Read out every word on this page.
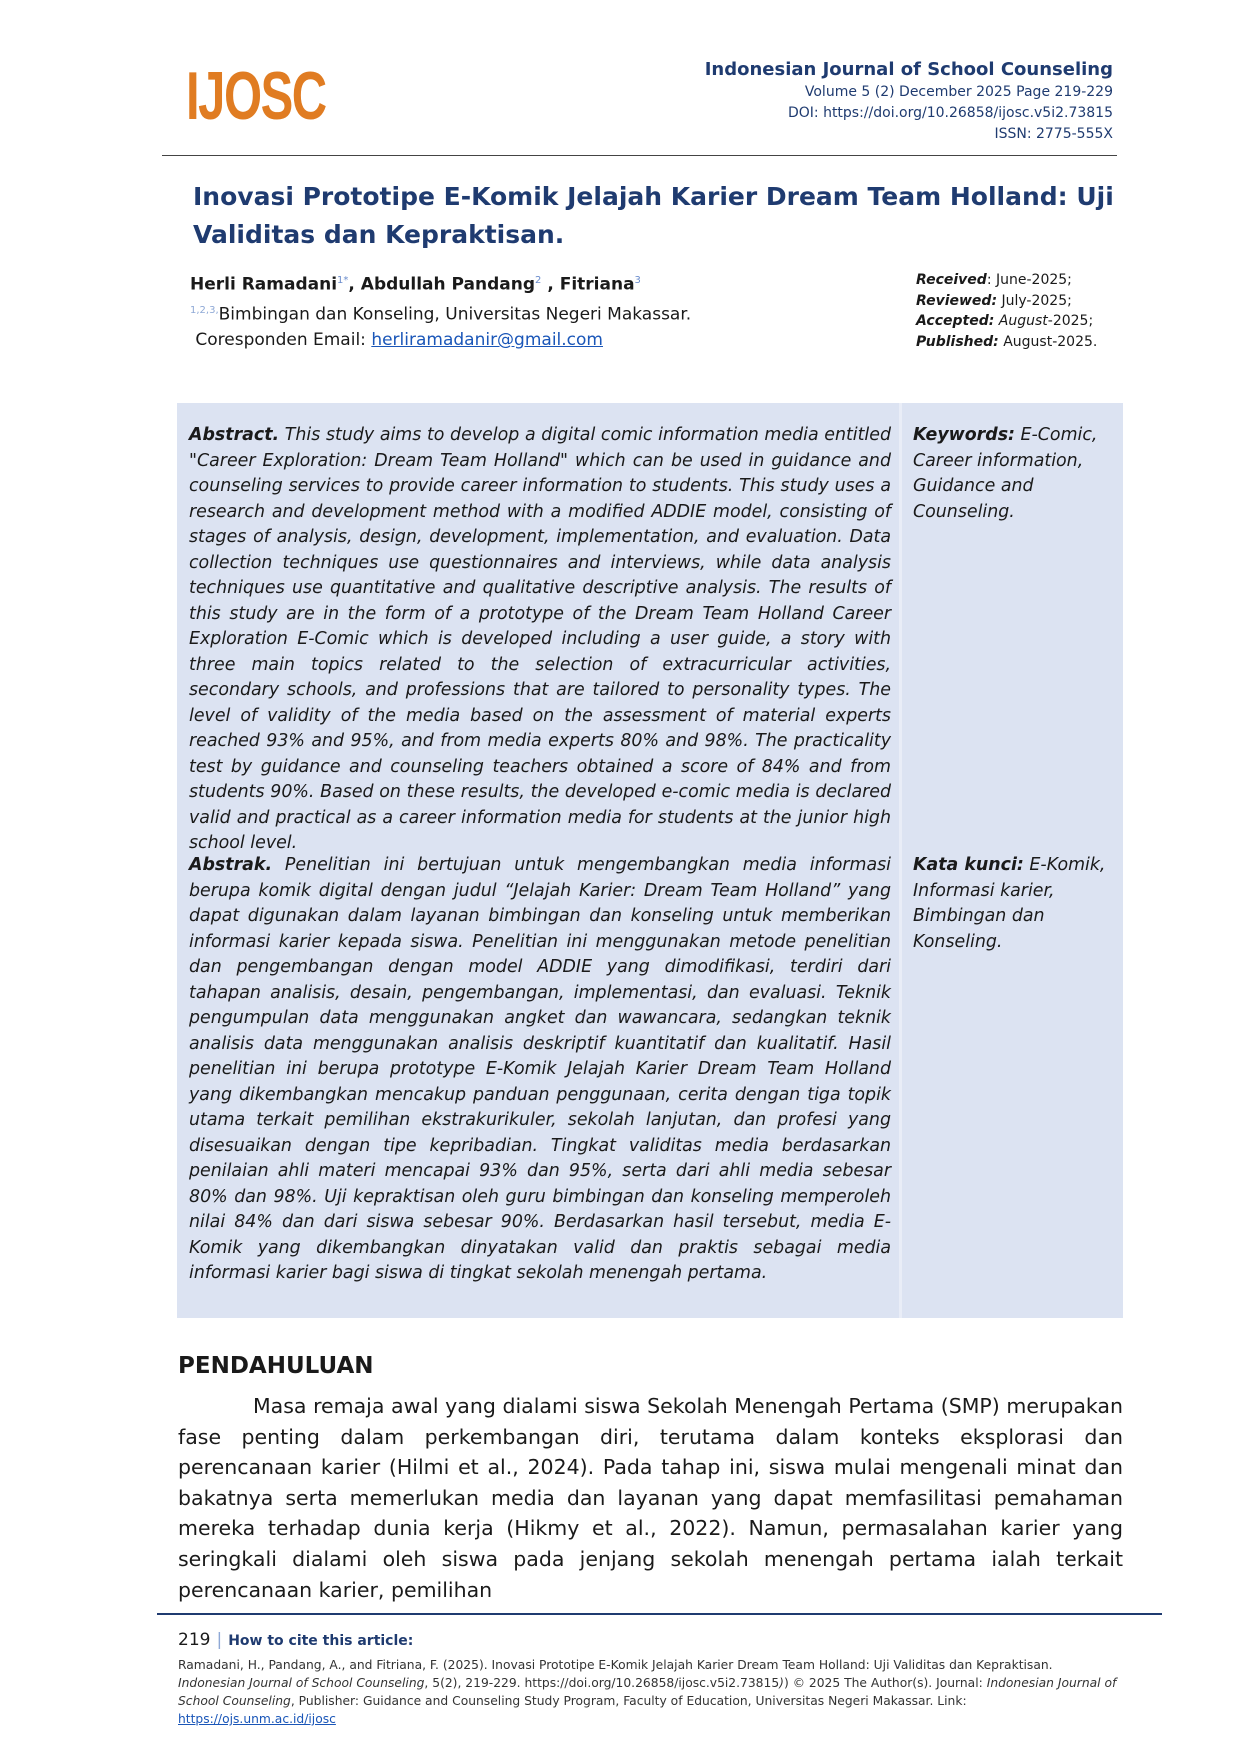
IJOSC	Indonesian Journal of School Counseling
Volume 5 (2) December 2025 Page 219-229
DOI: https://doi.org/10.26858/ijosc.v5i2.73815
ISSN: 2775-555X
Inovasi Prototipe E-Komik Jelajah Karier Dream Team Holland: Uji Validitas dan Kepraktisan.
Herli Ramadani$^{1*}$, Abdullah Pandang$^2$ , Fitriana$^3$
$^{1,2,3,}$Bimbingan dan Konseling, Universitas Negeri Makassar.
Coresponden Email: herliramadanir@gmail.com
Received: June-2025;
Reviewed: July-2025;
Accepted: August-2025;
Published: August-2025.

Abstract. This study aims to develop a digital comic information media entitled "Career Exploration: Dream Team Holland" which can be used in guidance and counseling services to provide career information to students. This study uses a research and development method with a modified ADDIE model, consisting of stages of analysis, design, development, implementation, and evaluation. Data collection techniques use questionnaires and interviews, while data analysis techniques use quantitative and qualitative descriptive analysis. The results of this study are in the form of a prototype of the Dream Team Holland Career Exploration E-Comic which is developed including a user guide, a story with three main topics related to the selection of extracurricular activities, secondary schools, and professions that are tailored to personality types. The level of validity of the media based on the assessment of material experts reached 93% and 95%, and from media experts 80% and 98%. The practicality test by guidance and counseling teachers obtained a score of 84% and from students 90%. Based on these results, the developed e-comic media is declared valid and practical as a career information media for students at the junior high school level.

Keywords: E-Comic, Career information, Guidance and Counseling.

Abstrak. Penelitian ini bertujuan untuk mengembangkan media informasi berupa komik digital dengan judul “Jelajah Karier: Dream Team Holland” yang dapat digunakan dalam layanan bimbingan dan konseling untuk memberikan informasi karier kepada siswa. Penelitian ini menggunakan metode penelitian dan pengembangan dengan model ADDIE yang dimodifikasi, terdiri dari tahapan analisis, desain, pengembangan, implementasi, dan evaluasi. Teknik pengumpulan data menggunakan angket dan wawancara, sedangkan teknik analisis data menggunakan analisis deskriptif kuantitatif dan kualitatif. Hasil penelitian ini berupa prototype E-Komik Jelajah Karier Dream Team Holland yang dikembangkan mencakup panduan penggunaan, cerita dengan tiga topik utama terkait pemilihan ekstrakurikuler, sekolah lanjutan, dan profesi yang disesuaikan dengan tipe kepribadian. Tingkat validitas media berdasarkan penilaian ahli materi mencapai 93% dan 95%, serta dari ahli media sebesar 80% dan 98%. Uji kepraktisan oleh guru bimbingan dan konseling memperoleh nilai 84% dan dari siswa sebesar 90%. Berdasarkan hasil tersebut, media E-Komik yang dikembangkan dinyatakan valid dan praktis sebagai media informasi karier bagi siswa di tingkat sekolah menengah pertama.

Kata kunci: E-Komik, Informasi karier, Bimbingan dan Konseling.

PENDAHULUAN

Masa remaja awal yang dialami siswa Sekolah Menengah Pertama (SMP) merupakan fase penting dalam perkembangan diri, terutama dalam konteks eksplorasi dan perencanaan karier (Hilmi et al., 2024). Pada tahap ini, siswa mulai mengenali minat dan bakatnya serta memerlukan media dan layanan yang dapat memfasilitasi pemahaman mereka terhadap dunia kerja (Hikmy et al., 2022). Namun, permasalahan karier yang seringkali dialami oleh siswa pada jenjang sekolah menengah pertama ialah terkait perencanaan karier, pemilihan

219 | How to cite this article:
Ramadani, H., Pandang, A., and Fitriana, F. (2025). Inovasi Prototipe E-Komik Jelajah Karier Dream Team Holland: Uji Validitas dan Kepraktisan. Indonesian Journal of School Counseling, 5(2), 219-229. https://doi.org/10.26858/ijosc.v5i2.73815)) © 2025 The Author(s). Journal: Indonesian Journal of School Counseling, Publisher: Guidance and Counseling Study Program, Faculty of Education, Universitas Negeri Makassar. Link: https://ojs.unm.ac.id/ijosc
